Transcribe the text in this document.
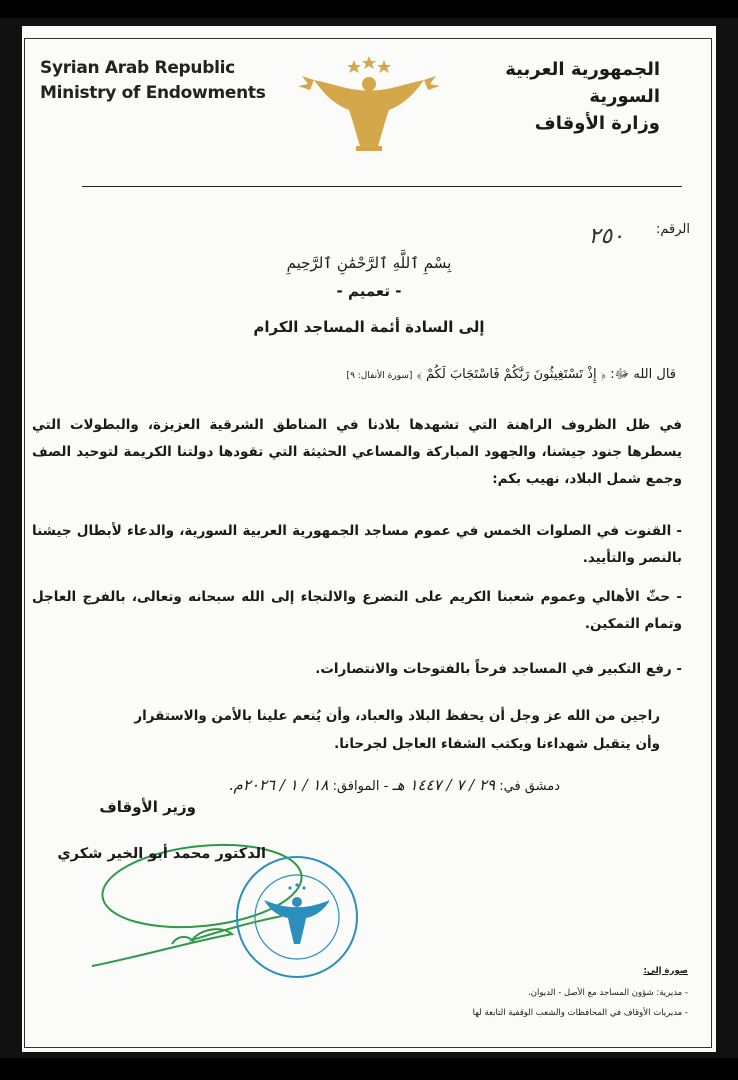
Syrian Arab Republic
Ministry of Endowments
الجمهورية العربية السورية
وزارة الأوقاف
الرقم:
٢٥٠
بِسْمِ ٱللَّهِ ٱلرَّحْمَٰنِ ٱلرَّحِيمِ
- تعميم -
إلى السادة أئمة المساجد الكرام
قال الله ﷻ: ﴿ إِذْ تَسْتَغِيثُونَ رَبَّكُمْ فَاسْتَجَابَ لَكُمْ ﴾ [سورة الأنفال: ٩]
في ظل الظروف الراهنة التي تشهدها بلادنا في المناطق الشرقية العزيزة، والبطولات التي يسطرها جنود جيشنا، والجهود المباركة والمساعي الحثيثة التي تقودها دولتنا الكريمة لتوحيد الصف وجمع شمل البلاد، نهيب بكم:
- القنوت في الصلوات الخمس في عموم مساجد الجمهورية العربية السورية، والدعاء لأبطال جيشنا بالنصر والتأييد.
- حثّ الأهالي وعموم شعبنا الكريم على التضرع والالتجاء إلى الله سبحانه وتعالى، بالفرج العاجل وتمام التمكين.
- رفع التكبير في المساجد فرحاً بالفتوحات والانتصارات.
راجين من الله عز وجل أن يحفظ البلاد والعباد، وأن يُنعم علينا بالأمن والاستقرار
وأن يتقبل شهداءنا ويكتب الشفاء العاجل لجرحانا.
دمشق في: ٢٩ / ٧ / ١٤٤٧ هـ - الموافق: ١٨ / ١ / ٢٠٢٦م.
وزير الأوقاف
الدكتور محمد أبو الخير شكري
صورة إلى:
- مديرية: شؤون المساجد مع الأصل - الديوان.
- مديريات الأوقاف في المحافظات والشعب الوقفية التابعة لها
